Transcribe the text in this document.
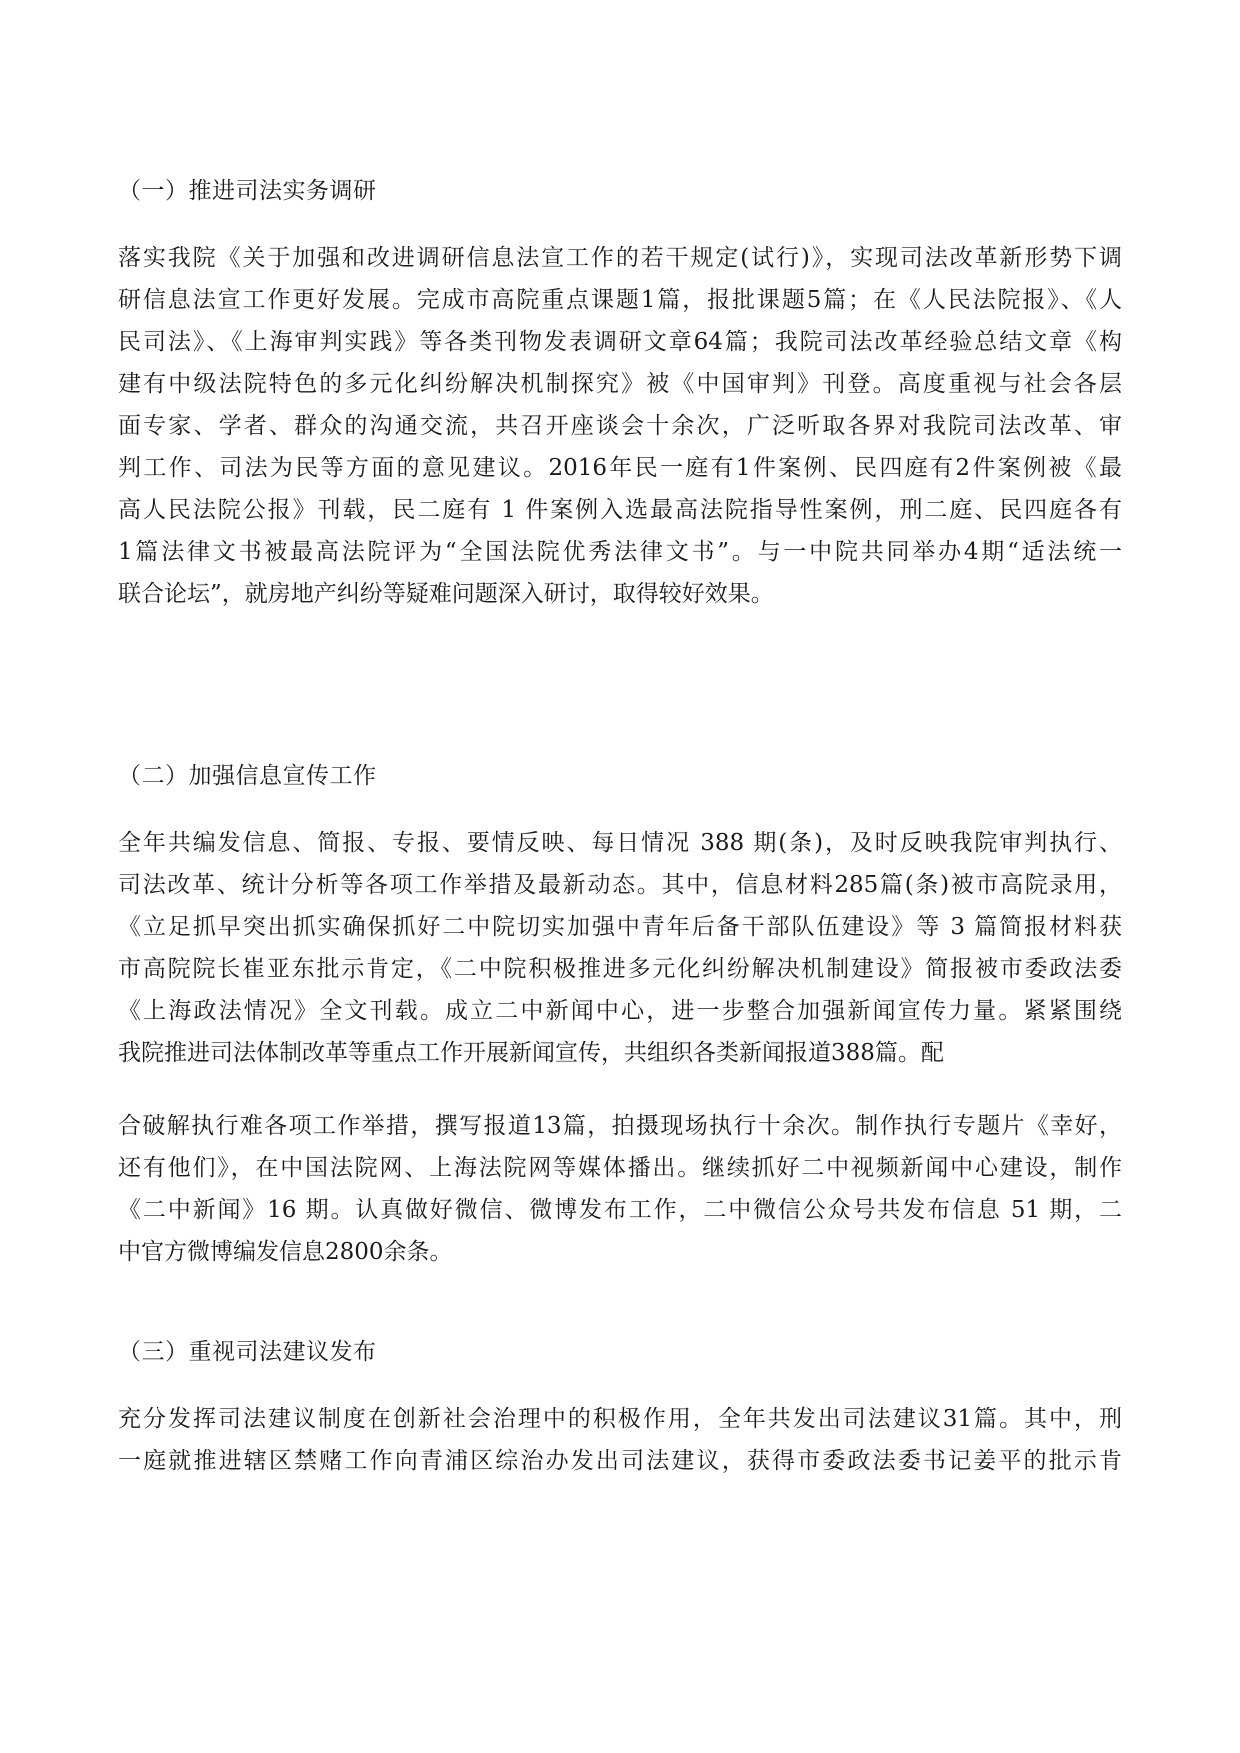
（一）推进司法实务调研
落实我院《关于加强和改进调研信息法宣工作的若干规定(试行)》，实现司法改革新形势下调
研信息法宣工作更好发展。完成市高院重点课题1篇，报批课题5篇；在《人民法院报》、《人
民司法》、《上海审判实践》等各类刊物发表调研文章64篇；我院司法改革经验总结文章《构
建有中级法院特色的多元化纠纷解决机制探究》被《中国审判》刊登。高度重视与社会各层
面专家、学者、群众的沟通交流，共召开座谈会十余次，广泛听取各界对我院司法改革、审
判工作、司法为民等方面的意见建议。2016年民一庭有1件案例、民四庭有2件案例被《最
高人民法院公报》刊载，民二庭有 1 件案例入选最高法院指导性案例，刑二庭、民四庭各有
1篇法律文书被最高法院评为“全国法院优秀法律文书”。与一中院共同举办4期“适法统一
联合论坛”，就房地产纠纷等疑难问题深入研讨，取得较好效果。
（二）加强信息宣传工作
全年共编发信息、简报、专报、要情反映、每日情况 388 期(条)，及时反映我院审判执行、
司法改革、统计分析等各项工作举措及最新动态。其中，信息材料285篇(条)被市高院录用，
《立足抓早突出抓实确保抓好二中院切实加强中青年后备干部队伍建设》等 3 篇简报材料获
市高院院长崔亚东批示肯定，《二中院积极推进多元化纠纷解决机制建设》简报被市委政法委
《上海政法情况》全文刊载。成立二中新闻中心，进一步整合加强新闻宣传力量。紧紧围绕
我院推进司法体制改革等重点工作开展新闻宣传，共组织各类新闻报道388篇。配
合破解执行难各项工作举措，撰写报道13篇，拍摄现场执行十余次。制作执行专题片《幸好，
还有他们》，在中国法院网、上海法院网等媒体播出。继续抓好二中视频新闻中心建设，制作
《二中新闻》16 期。认真做好微信、微博发布工作，二中微信公众号共发布信息 51 期，二
中官方微博编发信息2800余条。
（三）重视司法建议发布
充分发挥司法建议制度在创新社会治理中的积极作用，全年共发出司法建议31篇。其中，刑
一庭就推进辖区禁赌工作向青浦区综治办发出司法建议，获得市委政法委书记姜平的批示肯
